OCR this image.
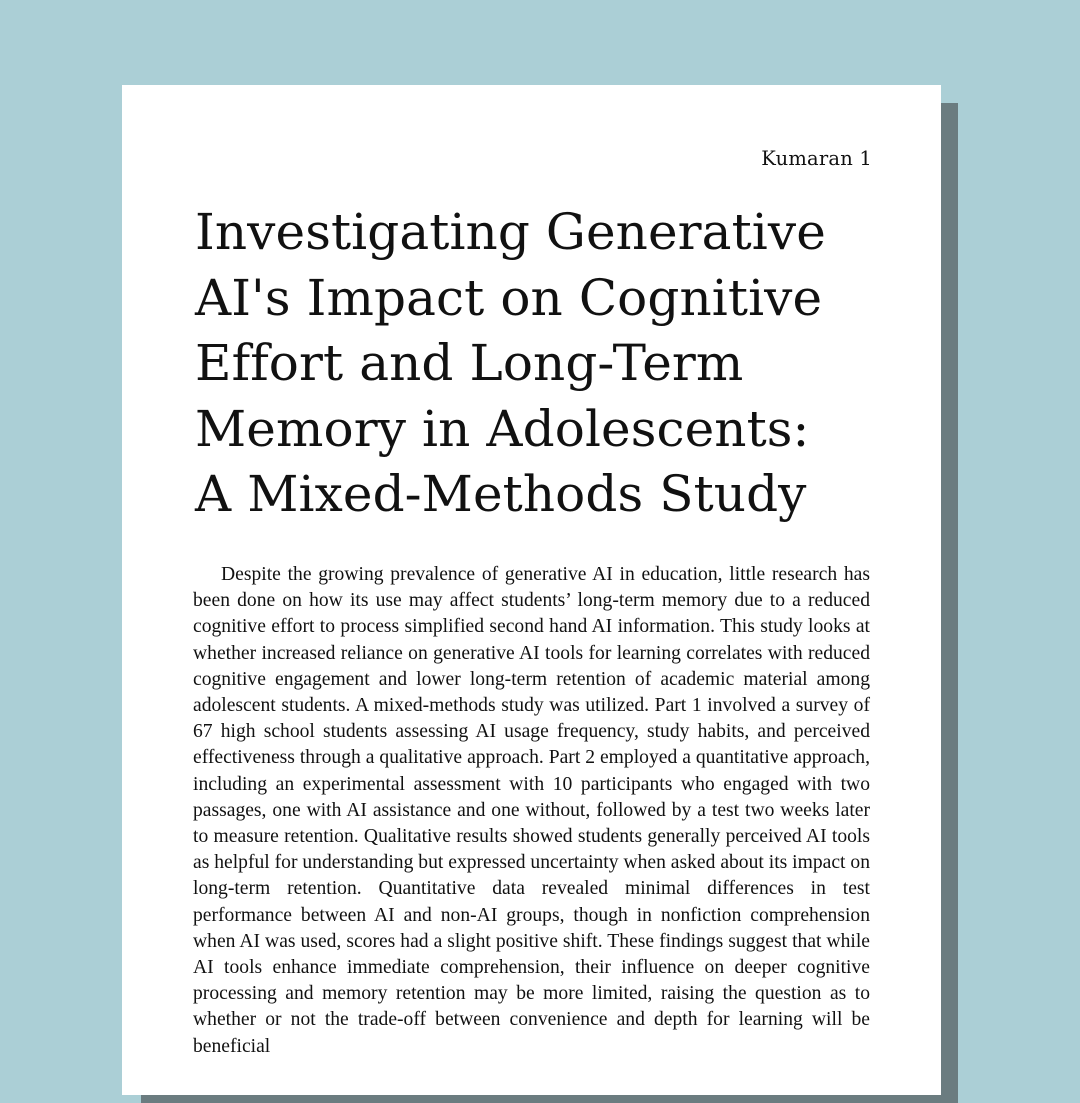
Kumaran 1
Investigating Generative
AI's Impact on Cognitive
Effort and Long-Term
Memory in Adolescents:
A Mixed-Methods Study

Despite the growing prevalence of generative AI in education, little research has been done on how its use may affect students’ long-term memory due to a reduced cognitive effort to process simplified second hand AI information. This study looks at whether increased reliance on generative AI tools for learning correlates with reduced cognitive engagement and lower long-term retention of academic material among adolescent students. A mixed-methods study was utilized. Part 1 involved a survey of 67 high school students assessing AI usage frequency, study habits, and perceived effectiveness through a qualitative approach. Part 2 employed a quantitative approach, including an experimental assessment with 10 participants who engaged with two passages, one with AI assistance and one without, followed by a test two weeks later to measure retention. Qualitative results showed students generally perceived AI tools as helpful for understanding but expressed uncertainty when asked about its impact on long-term retention. Quantitative data revealed minimal differences in test performance between AI and non-AI groups, though in nonfiction comprehension when AI was used, scores had a slight positive shift. These findings suggest that while AI tools enhance immediate comprehension, their influence on deeper cognitive processing and memory retention may be more limited, raising the question as to whether or not the trade-off between convenience and depth for learning will be beneficial
